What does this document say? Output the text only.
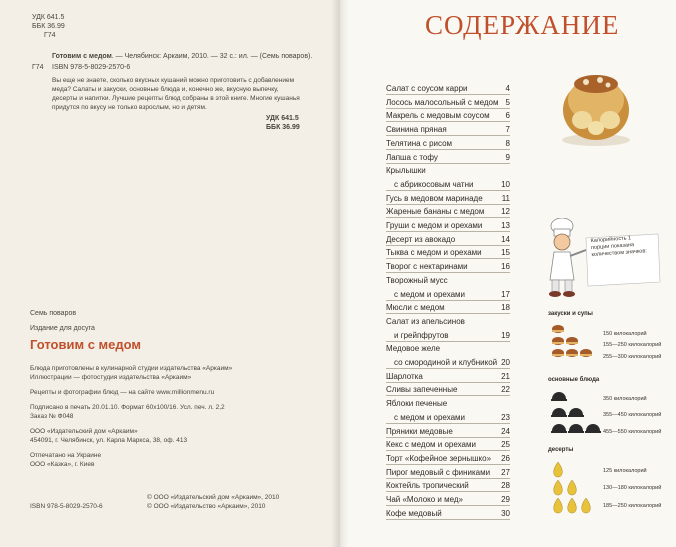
УДК 641.5
ББК 36.99
Г74
Готовим с медом. — Челябинск: Аркаим, 2010. — 32 с.: ил. — (Семь поваров).
Г74 ISBN 978-5-8029-2570-6
Вы еще не знаете, сколько вкусных кушаний можно приготовить с добавлением меда? Салаты и закуски, основные блюда и, конечно же, вкусную выпечку, десерты и напитки. Лучшие рецепты блюд собраны в этой книге. Многие кушанья придутся по вкусу не только взрослым, но и детям.
УДК 641.5
ББК 36.99
Семь поваров
Издание для досуга
Готовим с медом
Блюда приготовлены в кулинарной студии издательства «Аркаим»
Иллюстрации — фотостудия издательства «Аркаим»
Рецепты и фотографии блюд — на сайте www.millionmenu.ru
Подписано в печать 20.01.10. Формат 60х100/16. Усл. печ. л. 2,2
Заказ № Ф048
ООО «Издательский дом «Аркаим»
454091, г. Челябинск, ул. Карла Маркса, 38, оф. 413
Отпечатано на Украине
ООО «Казка», г. Киев
ISBN 978-5-8029-2570-6
© ООО «Издательский дом «Аркаим», 2010
© ООО «Издательство «Аркаим», 2010
СОДЕРЖАНИЕ
Салат с соусом карри	4
Лосось малосольный с медом 5
Макрель с медовым соусом 6
Свинина пряная	7
Телятина с рисом	8
Лапша с тофу	9
Крылышки
с абрикосовым чатни	10
Гусь в медовом маринаде 11
Жареные бананы с медом 12
Груши с медом и орехами 13
Десерт из авокадо	14
Тыква с медом и орехами 15
Творог с нектаринами	16
Творожный мусс
с медом и орехами	17
Мюсли с медом	18
Салат из апельсинов
и грейпфрутов	19
Медовое желе
со смородиной и клубникой 20
Шарлотка	21
Сливы запеченные	22
Яблоки печеные
с медом и орехами	23
Пряники медовые	24
Кекс с медом и орехами	25
Торт «Кофейное зернышко» 26
Пирог медовый с финиками 27
Коктейль тропический	28
Чай «Молоко и мед»	29
Кофе медовый	30
Калорийность 1 порции показана количеством значков:
закуски и супы
150 килокалорий
155—250 килокалорий
255—300 килокалорий
основные блюда
350 килокалорий
355—450 килокалорий
455—550 килокалорий
десерты
125 килокалорий
130—180 килокалорий
185—250 килокалорий
